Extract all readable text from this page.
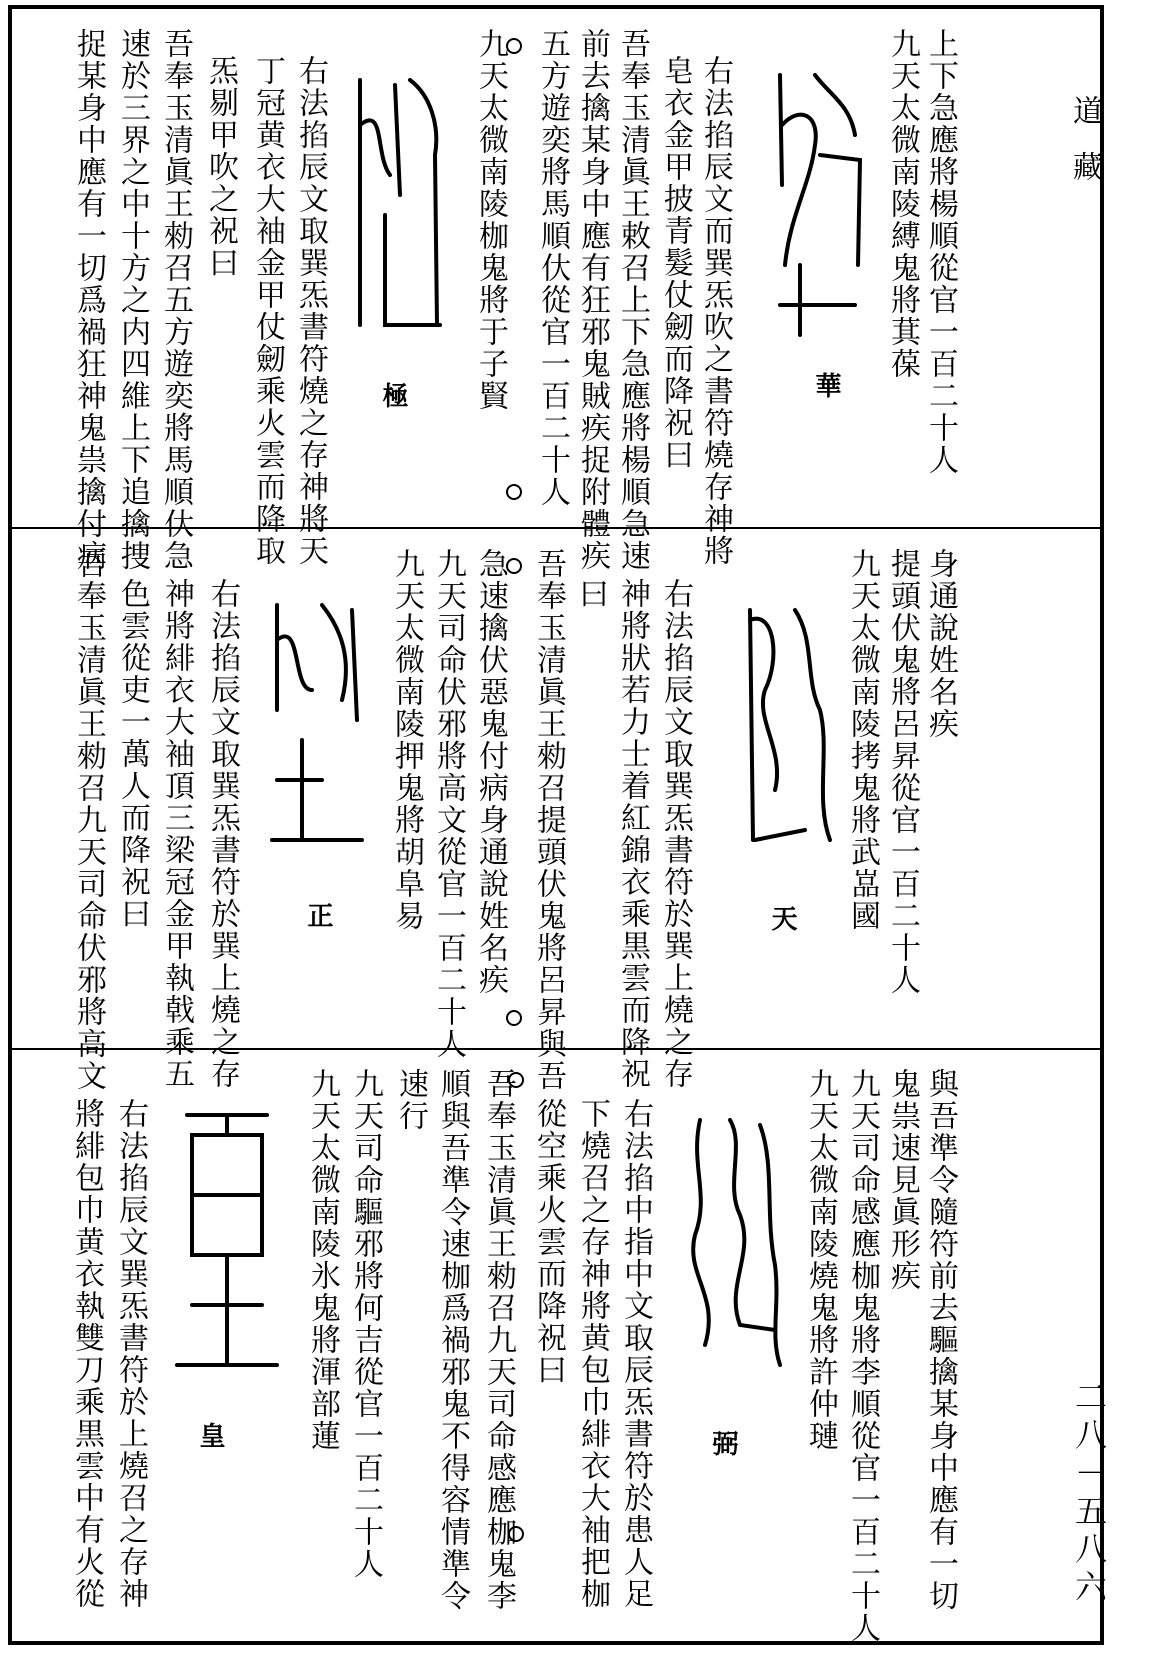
道藏
二八－五八六
上下急應將楊順從官一百二十人
九天太微南陵縛鬼將萁葆
華
右法掐辰文而巽炁吹之書符燒存神將
皂衣金甲披青髮仗劒而降祝曰
吾奉玉清眞王敕召上下急應將楊順急速
前去擒某身中應有狂邪鬼賊疾捉附體疾
五方遊奕將馬順㐲從官一百二十人
九天太微南陵枷鬼將于子賢
極
右法掐辰文取巽炁書符燒之存神將天
丁冠黄衣大袖金甲仗劒乘火雲而降取
炁剔甲吹之祝曰
吾奉玉清眞王勑召五方遊奕將馬順㐲急
速於三界之中十方之内四維上下追擒捜
捉某身中應有一切爲禍狂神鬼祟擒付病
身通說姓名疾
提頭伏鬼將呂昇從官一百二十人
九天太微南陵拷鬼將武嵓國
天
右法掐辰文取巽炁書符於巽上燒之存
神將狀若力士着紅錦衣乘黒雲而降祝
曰
吾奉玉清眞王勑召提頭伏鬼將呂昇與吾
急速擒伏惡鬼付病身通說姓名疾
九天司命伏邪將高文從官一百二十人
九天太微南陵押鬼將胡阜易
正
右法掐辰文取巽炁書符於巽上燒之存
神將緋衣大袖頂三梁冠金甲執戟乘五
色雲從吏一萬人而降祝曰
吾奉玉清眞王勑召九天司命伏邪將高文
與吾準令隨符前去驅擒某身中應有一切
鬼祟速見眞形疾
九天司命感應枷鬼將李順從官一百二十人
九天太微南陵燒鬼將許仲璉
弼
右法掐中指中文取辰炁書符於患人足
下燒召之存神將黄包巾緋衣大袖把枷
從空乘火雲而降祝曰
吾奉玉清眞王勑召九天司命感應枷鬼李
順與吾準令速枷爲禍邪鬼不得容情準令
速行
九天司命驅邪將何吉從官一百二十人
九天太微南陵氷鬼將渾部蓮
皇
右法掐辰文巽炁書符於上燒召之存神
將緋包巾黄衣執雙刀乘黒雲中有火從
